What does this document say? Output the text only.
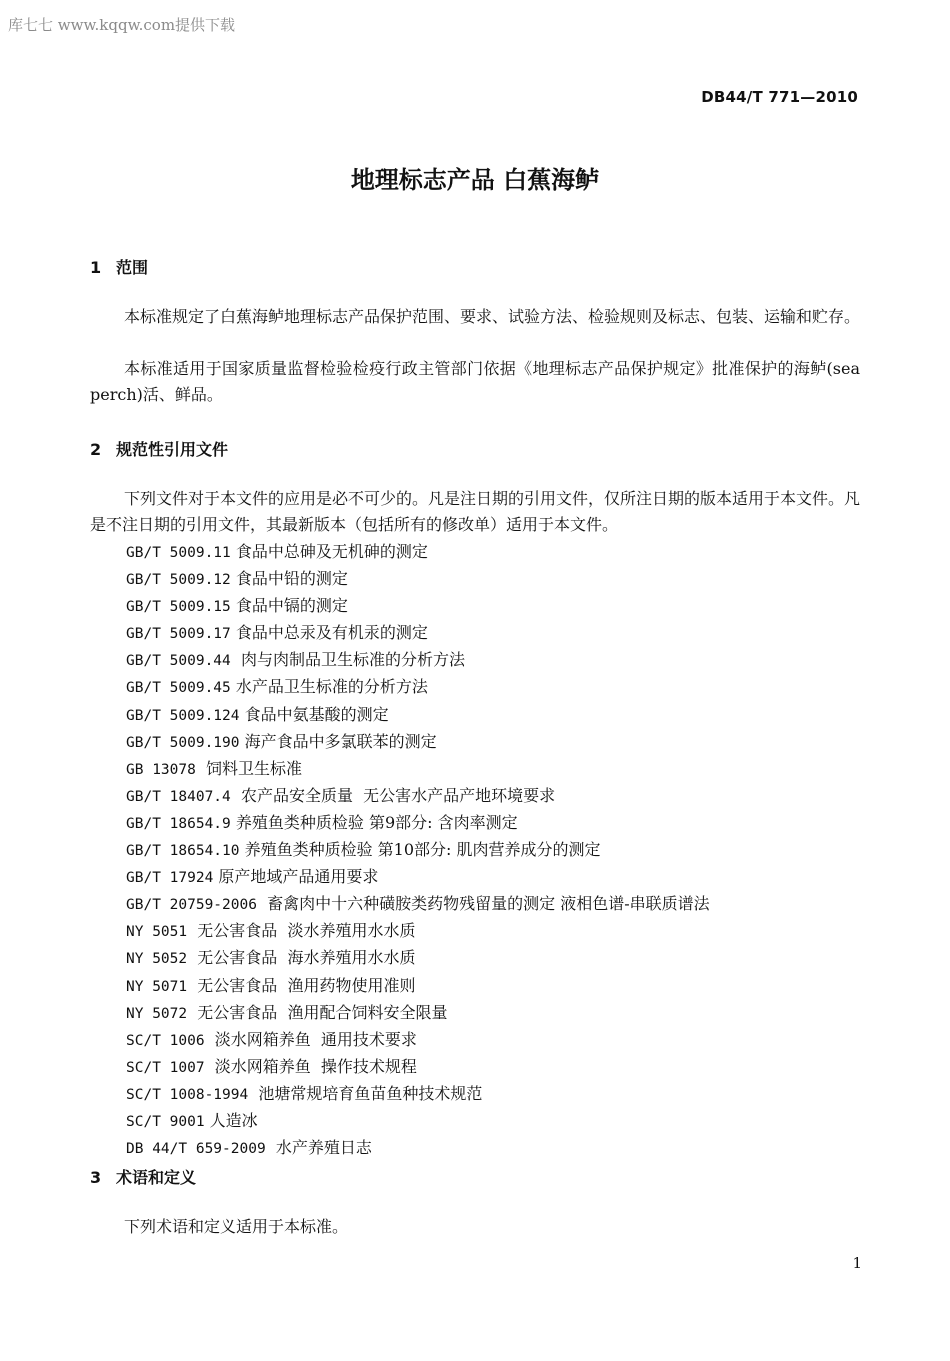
库七七 www.kqqw.com提供下载
DB44/T 771—2010
地理标志产品 白蕉海鲈
1 范围
本标准规定了白蕉海鲈地理标志产品保护范围、要求、试验方法、检验规则及标志、包装、运输和贮存。
本标准适用于国家质量监督检验检疫行政主管部门依据《地理标志产品保护规定》批准保护的海鲈(sea perch)活、鲜品。
2 规范性引用文件
下列文件对于本文件的应用是必不可少的。凡是注日期的引用文件，仅所注日期的版本适用于本文件。凡是不注日期的引用文件，其最新版本（包括所有的修改单）适用于本文件。
GB/T 5009.11 食品中总砷及无机砷的测定
GB/T 5009.12 食品中铅的测定
GB/T 5009.15 食品中镉的测定
GB/T 5009.17 食品中总汞及有机汞的测定
GB/T 5009.44  肉与肉制品卫生标准的分析方法
GB/T 5009.45 水产品卫生标准的分析方法
GB/T 5009.124 食品中氨基酸的测定
GB/T 5009.190 海产食品中多氯联苯的测定
GB 13078  饲料卫生标准
GB/T 18407.4  农产品安全质量  无公害水产品产地环境要求
GB/T 18654.9 养殖鱼类种质检验 第9部分: 含肉率测定
GB/T 18654.10 养殖鱼类种质检验 第10部分: 肌肉营养成分的测定
GB/T 17924 原产地域产品通用要求
GB/T 20759-2006  畜禽肉中十六种磺胺类药物残留量的测定 液相色谱-串联质谱法
NY 5051  无公害食品  淡水养殖用水水质
NY 5052  无公害食品  海水养殖用水水质
NY 5071  无公害食品  渔用药物使用准则
NY 5072  无公害食品  渔用配合饲料安全限量
SC/T 1006  淡水网箱养鱼  通用技术要求
SC/T 1007  淡水网箱养鱼  操作技术规程
SC/T 1008-1994  池塘常规培育鱼苗鱼种技术规范
SC/T 9001 人造冰
DB 44/T 659-2009  水产养殖日志
3 术语和定义
下列术语和定义适用于本标准。
1
